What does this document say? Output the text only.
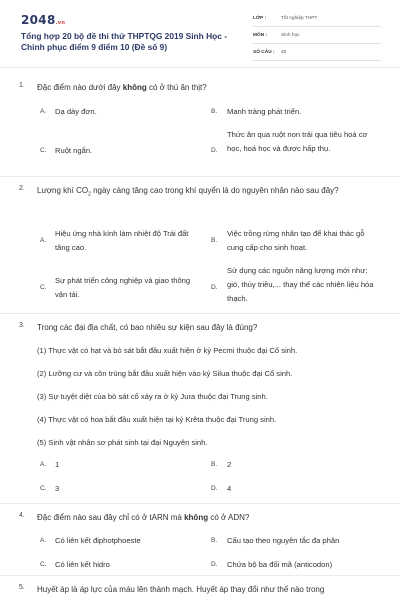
2048.vn
Tổng hợp 20 bộ đề thi thử THPTQG 2019 Sinh Học - Chinh phục điểm 9 điểm 10 (Đề số 9)
LỚP :	Tốt nghiệp THPT
MÔN :	Sinh học
SỐ CÂU :	40
1. Đặc điểm nào dưới đây không có ở thú ăn thịt?
A. Dạ dày đơn.	B. Manh tràng phát triển.
C. Ruột ngắn.	D.
Thức ăn qua ruột non trải qua tiêu hoá cơ học, hoá học và được hấp thụ.
2. Lượng khí $CO_2$ ngày càng tăng cao trong khí quyển là do nguyên nhân nào sau đây?
A.
Hiệu ứng nhà kính làm nhiệt độ Trái đất tăng cao.
B.
Việc trồng rừng nhân tạo để khai thác gỗ cung cấp cho sinh hoạt.
C.
Sự phát triển công nghiệp và giao thông vận tải.
D.
Sử dụng các nguồn năng lượng mới như: gió, thủy triều,... thay thế các nhiên liệu hóa thạch.
3. Trong các đại địa chất, có bao nhiêu sự kiện sau đây là đúng?
(1) Thực vật có hạt và bò sát bắt đầu xuất hiện ở kỷ Pecmi thuộc đại Cổ sinh.
(2) Lưỡng cư và côn trùng bắt đầu xuất hiện vào kỷ Silua thuộc đại Cổ sinh.
(3) Sự tuyệt diệt của bò sát cổ xảy ra ở kỷ Jura thuộc đại Trung sinh.
(4) Thực vật có hoa bắt đầu xuất hiện tại kỷ Krêta thuộc đại Trung sinh.
(5) Sinh vật nhân sơ phát sinh tại đại Nguyên sinh.
A. 1	B. 2
C. 3	D. 4
4. Đặc điểm nào sau đây chỉ có ở tARN mà không có ở ADN?
A. Có liên kết điphotphoeste	B. Cấu tạo theo nguyên tắc đa phân
C. Có liên kết hidro	D. Chứa bộ ba đối mã (anticodon)
5. Huyết áp là áp lực của máu lên thành mạch. Huyết áp thay đổi như thế nào trong
